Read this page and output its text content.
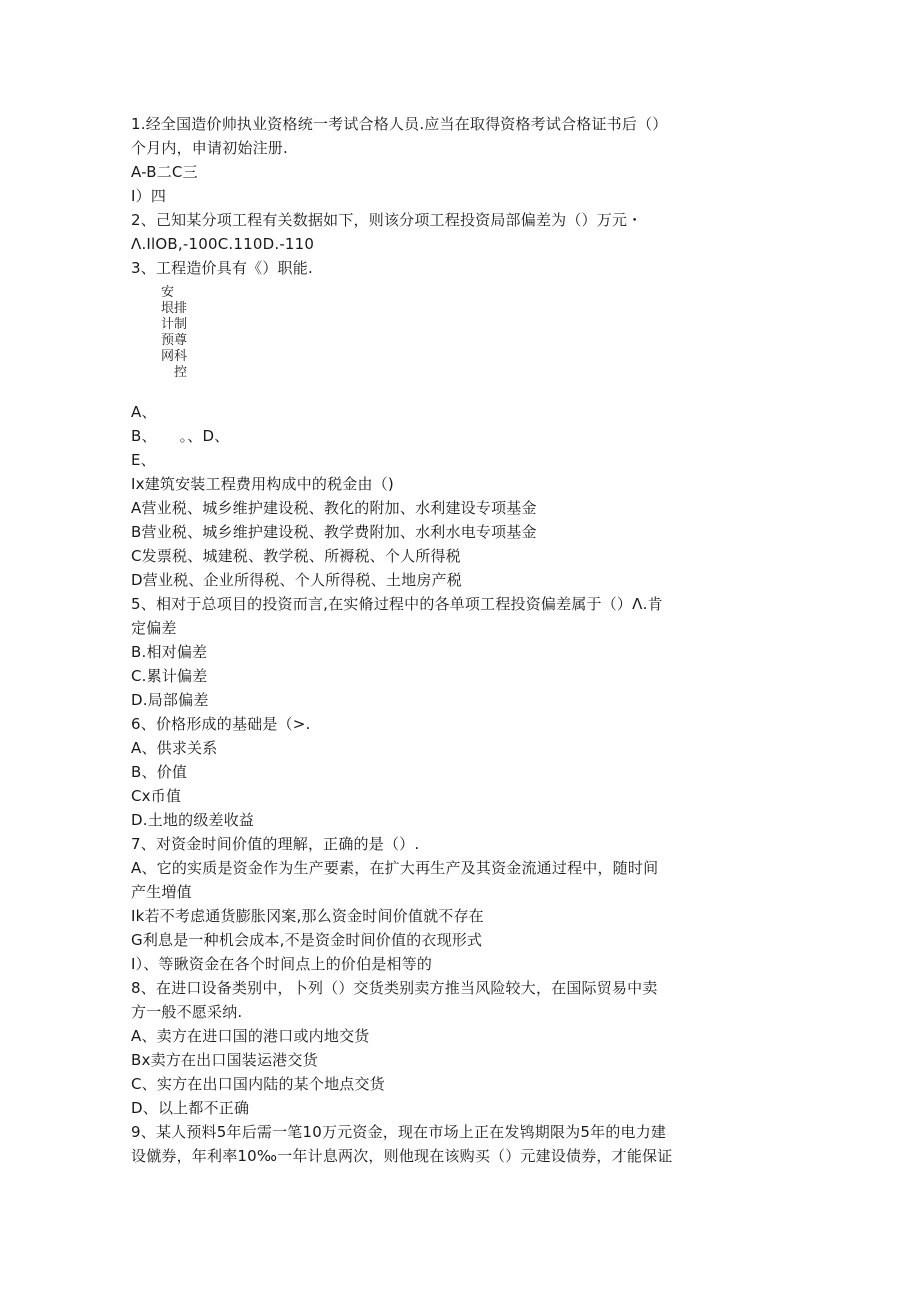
1.经全国造价帅执业资格统一考试合格人员.应当在取得资格考试合格证书后（）
个月内，申请初始注册.
A-B二C三
I）四
2、己知某分项工程有关数据如下，则该分项工程投资局部偏差为（）万元・
Λ.IlOB,-100C.110D.-110
3、工程造价具有《）职能.
安
垠排
计制
预尊
网科
　控
A、
B、　　。、D、
E、
Ix建筑安装工程费用构成中的税金由（)
A营业税、城乡维护建设税、教化的附加、水利建设专项基金
B营业税、城乡维护建设税、教学费附加、水利水电专项基金
C发票税、城建税、教学税、所褥税、个人所得税
D营业税、企业所得税、个人所得税、土地房产税
5、相对于总项目的投资而言,在实脩过程中的各单项工程投资偏差属于（）Λ.肯
定偏差
B.相对偏差
C.累计偏差
D.局部偏差
6、价格形成的基础是（>.
A、供求关系
B、价值
Cx币值
D.土地的级差收益
7、对资金时间价值的理解，正确的是（）.
A、它的实质是资金作为生产要素，在扩大再生产及其资金流通过程中，随时间
产生増值
Ik若不考虑通货膨胀冈案,那么资金时间价值就不存在
G利息是一种机会成本,不是资金时间价值的衣现形式
I）、等瞅资金在各个时间点上的价伯是相等的
8、在进口设备类别中，卜列（）交货类别卖方推当风险较大，在国际贸易中卖
方一般不愿采纳.
A、卖方在进口国的港口或内地交货
Bx卖方在出口国装运港交货
C、实方在出口国内陆的某个地点交货
D、以上都不正确
9、某人预料5年后需一笔10万元资金，现在市场上正在发鸨期限为5年的电力建
设僦券，年利率10‰一年计息两次，则他现在该购买（）元建设债券，才能保证
